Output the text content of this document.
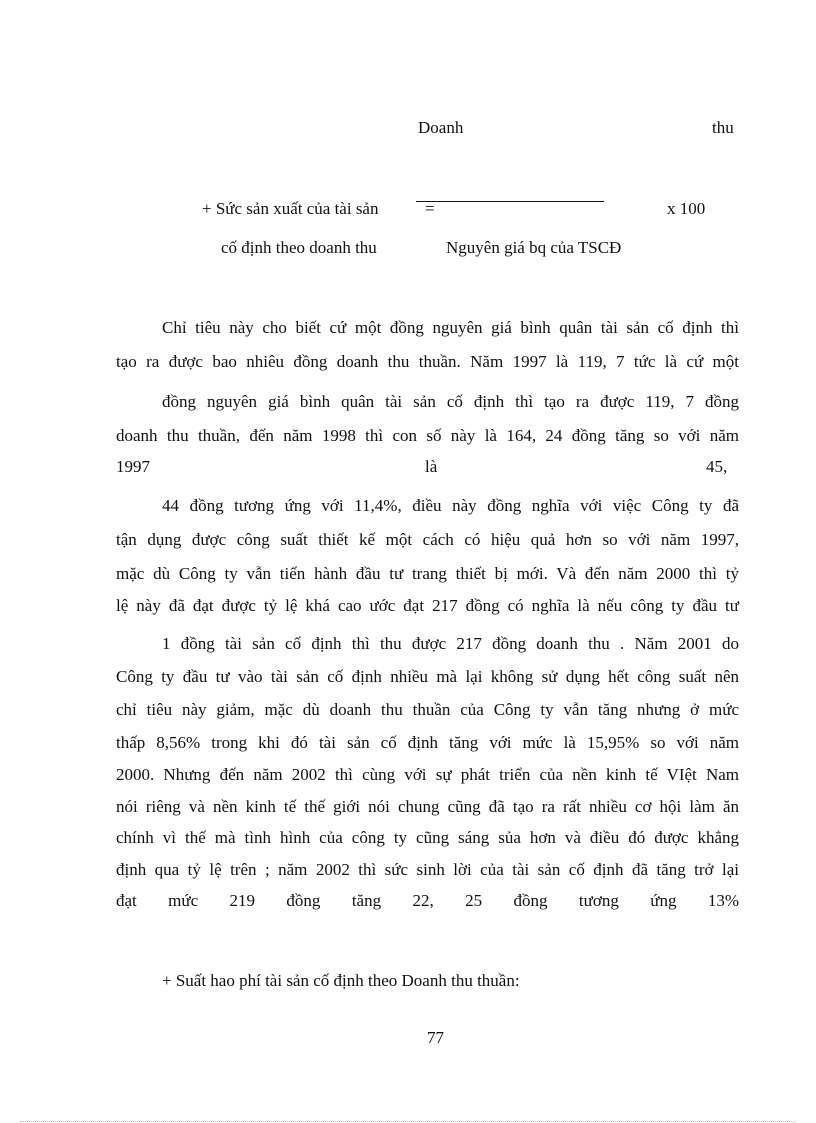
Doanh	thu
+ Sức sản xuất của tài sản	=	x 100
cố định theo doanh thu	Nguyên giá bq của TSCĐ
Chỉ tiêu này cho biết cứ một đồng nguyên giá bình quân tài sản cố định thì
tạo ra được bao nhiêu đồng doanh thu thuần. Năm 1997 là 119, 7 tức là cứ một
đồng nguyên giá bình quân tài sản cố định thì tạo ra được 119, 7 đồng
doanh thu thuần, đến năm 1998 thì con số này là 164, 24 đồng tăng so với năm
1997	là	45,
44 đồng tương ứng với 11,4%, điều này đồng nghĩa với việc Công ty đã
tận dụng được công suất thiết kế một cách có hiệu quả hơn so với năm 1997,
mặc dù Công ty vẫn tiến hành đầu tư trang thiết bị mới. Và đến năm 2000 thì tỷ
lệ này đã đạt được tỷ lệ khá cao ước đạt 217 đồng có nghĩa là nếu công ty đầu tư
1 đồng tài sản cố định thì thu được 217 đồng doanh thu . Năm 2001 do
Công ty đầu tư vào tài sản cố định nhiều mà lại không sử dụng hết công suất nên
chỉ tiêu này giảm, mặc dù doanh thu thuần của Công ty vẫn tăng nhưng ở mức
thấp 8,56% trong khi đó tài sản cố định tăng với mức là 15,95% so với năm
2000. Nhưng đến năm 2002 thì cùng với sự phát triển của nền kinh tế VIệt Nam
nói riêng và nền kinh tế thế giới nói chung cũng đã tạo ra rất nhiều cơ hội làm ăn
chính vì thế mà tình hình của công ty cũng sáng sủa hơn và điều đó được khẳng
định qua tỷ lệ trên ; năm 2002 thì sức sinh lời của tài sản cố định đã tăng trở lại
đạt mức 219 đồng tăng 22, 25 đồng tương ứng 13%
+ Suất hao phí tài sản cố định theo Doanh thu thuần:
77
